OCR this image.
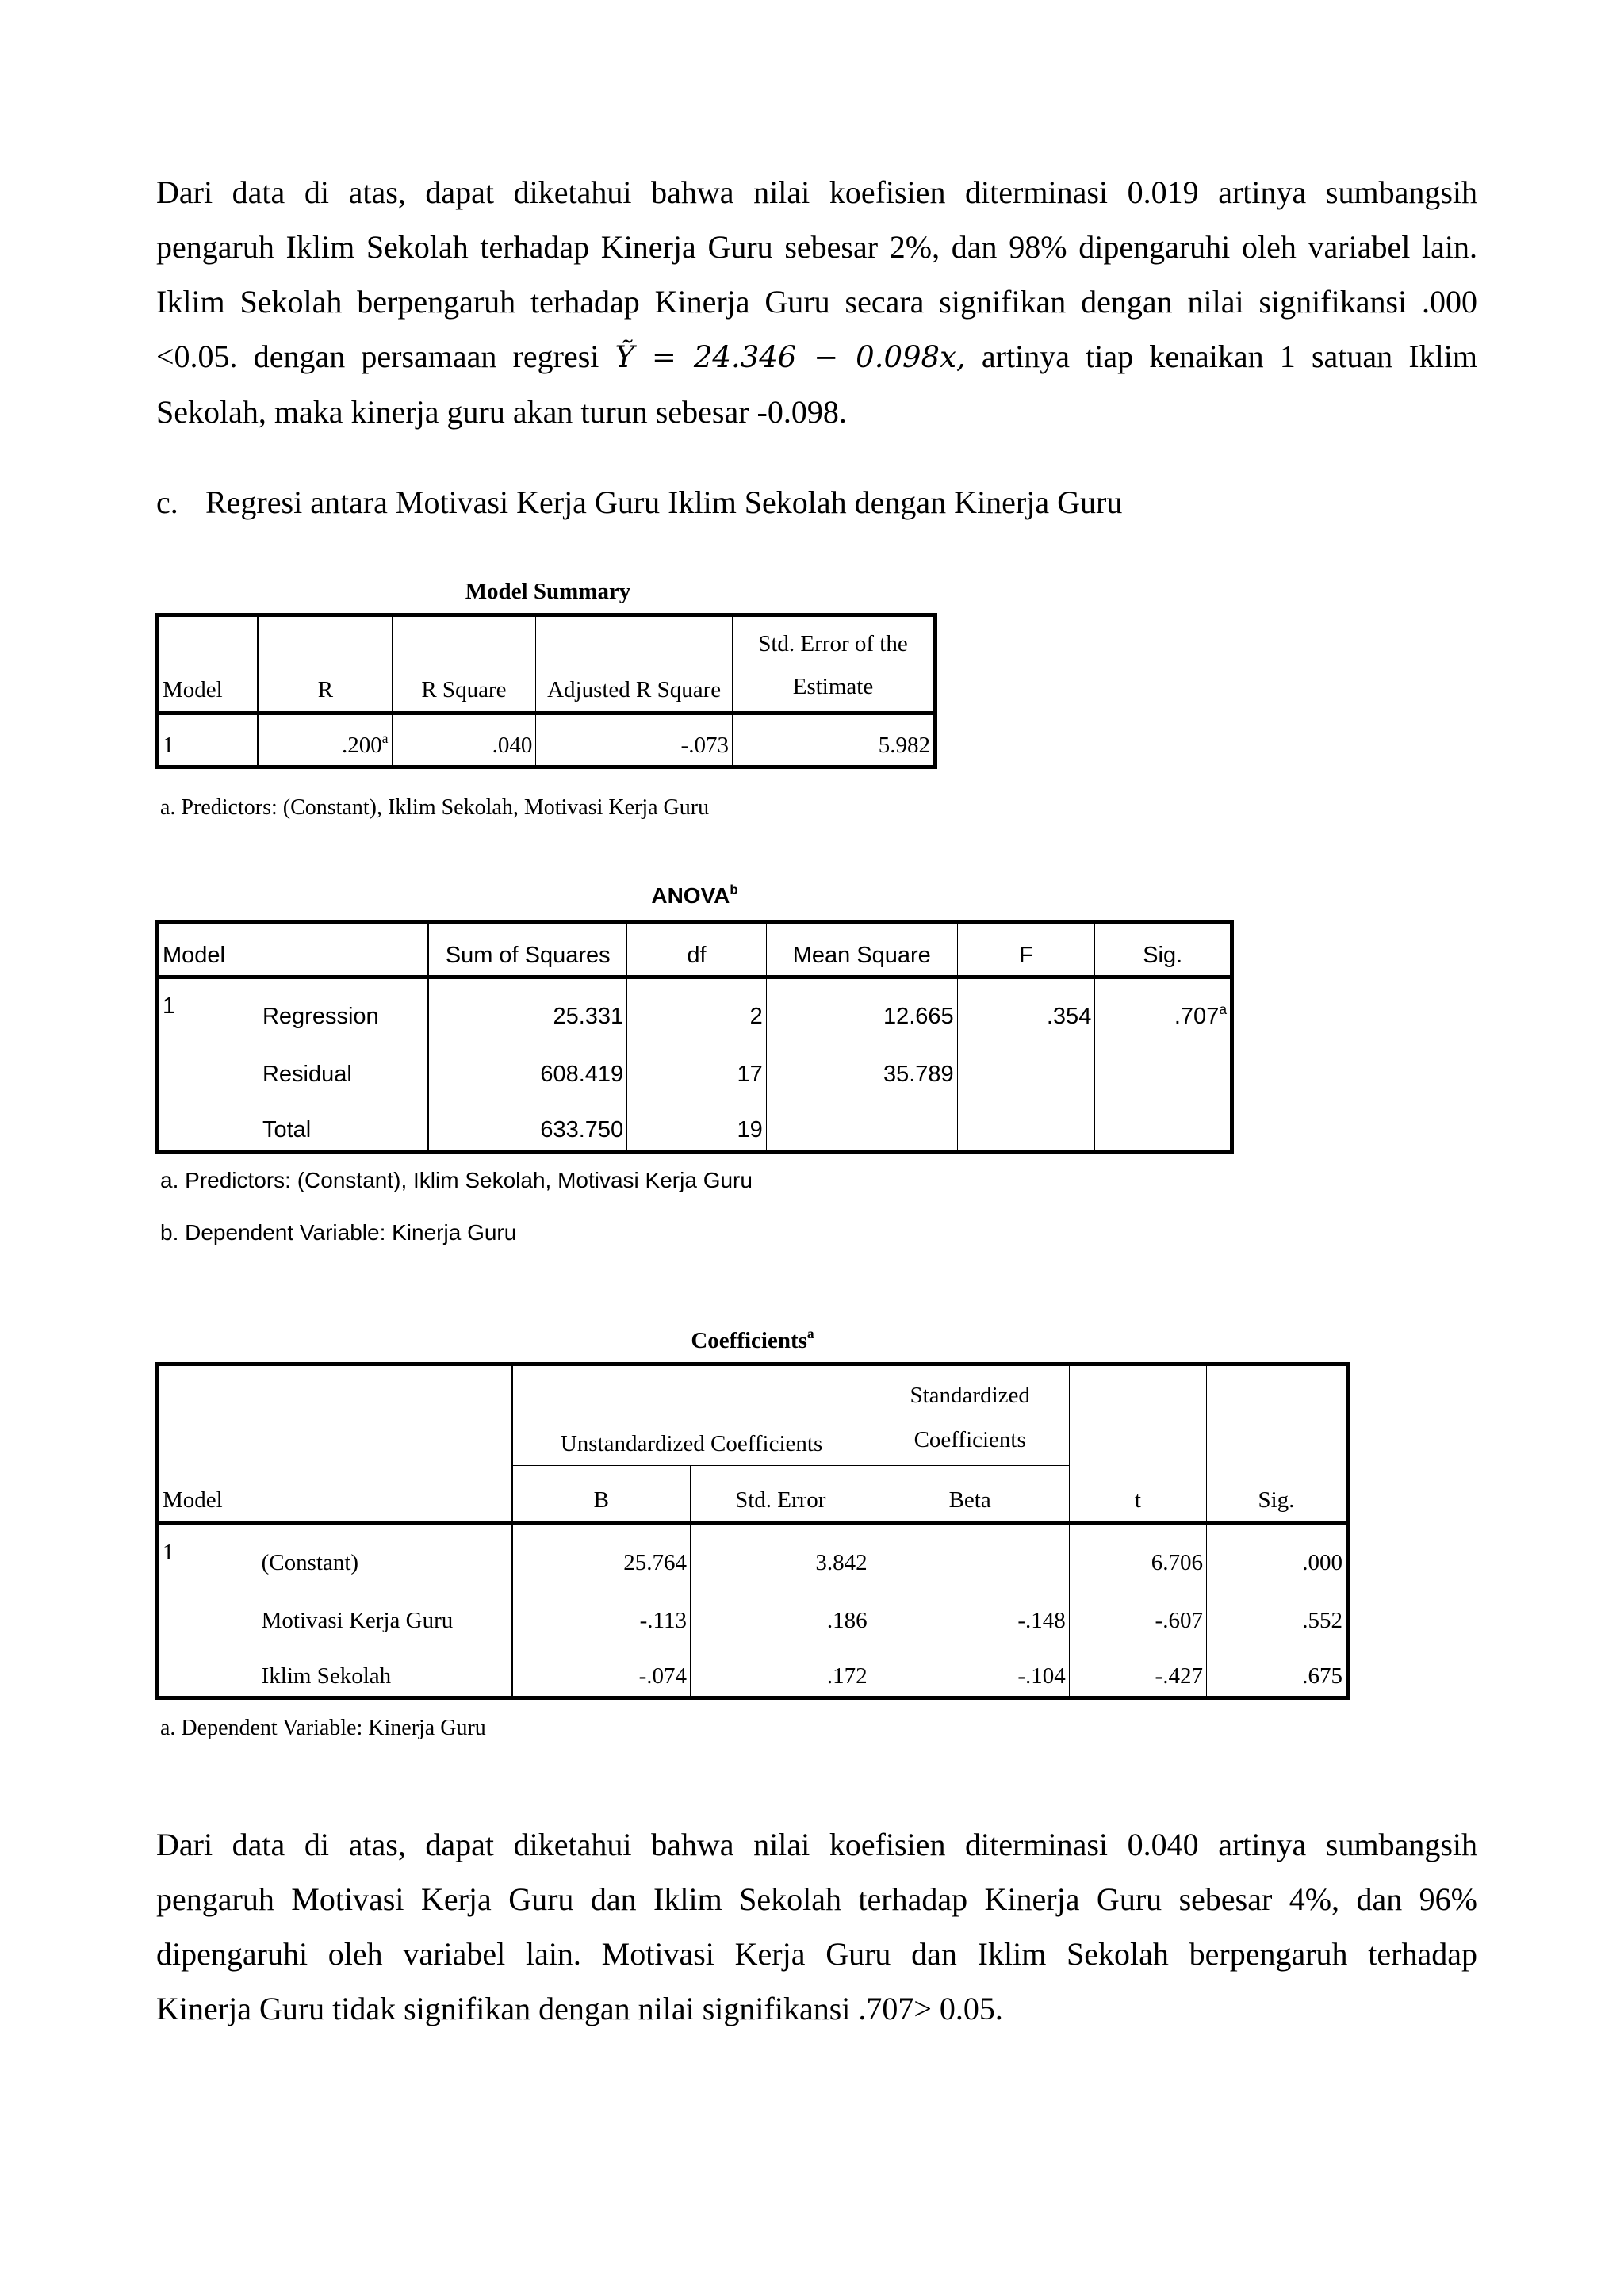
Dari data di atas, dapat diketahui bahwa nilai koefisien diterminasi 0.019 artinya sumbangsih
pengaruh Iklim Sekolah terhadap Kinerja Guru sebesar 2%, dan 98% dipengaruhi oleh variabel lain.
Iklim Sekolah berpengaruh terhadap Kinerja Guru secara signifikan dengan nilai signifikansi .000
<0.05. dengan persamaan regresi Ỹ = 24.346 − 0.098x, artinya tiap kenaikan 1 satuan Iklim
Sekolah, maka kinerja guru akan turun sebesar -0.098.
c. Regresi antara Motivasi Kerja Guru Iklim Sekolah dengan Kinerja Guru
Model Summary
Model	R	R Square	Adjusted R Square	Std. Error of the
Estimate
1	.200$^a$	.040	-.073	5.982
a. Predictors: (Constant), Iklim Sekolah, Motivasi Kerja Guru
ANOVA$^b$
Model		Sum of Squares	df	Mean Square	F	Sig.
1	Regression	25.331	2	12.665	.354	.707$^a$
	Residual	608.419	17	35.789		
	Total	633.750	19			
a. Predictors: (Constant), Iklim Sekolah, Motivasi Kerja Guru
b. Dependent Variable: Kinerja Guru
Coefficients$^a$
Model		Unstandardized Coefficients		Standardized
Coefficients	t	Sig.
		B	Std. Error	Beta		
1	(Constant)	25.764	3.842		6.706	.000
	Motivasi Kerja Guru	-.113	.186	-.148	-.607	.552
	Iklim Sekolah	-.074	.172	-.104	-.427	.675
a. Dependent Variable: Kinerja Guru
Dari data di atas, dapat diketahui bahwa nilai koefisien diterminasi 0.040 artinya sumbangsih
pengaruh Motivasi Kerja Guru dan Iklim Sekolah terhadap Kinerja Guru sebesar 4%, dan 96%
dipengaruhi oleh variabel lain. Motivasi Kerja Guru dan Iklim Sekolah berpengaruh terhadap
Kinerja Guru tidak signifikan dengan nilai signifikansi .707> 0.05.
